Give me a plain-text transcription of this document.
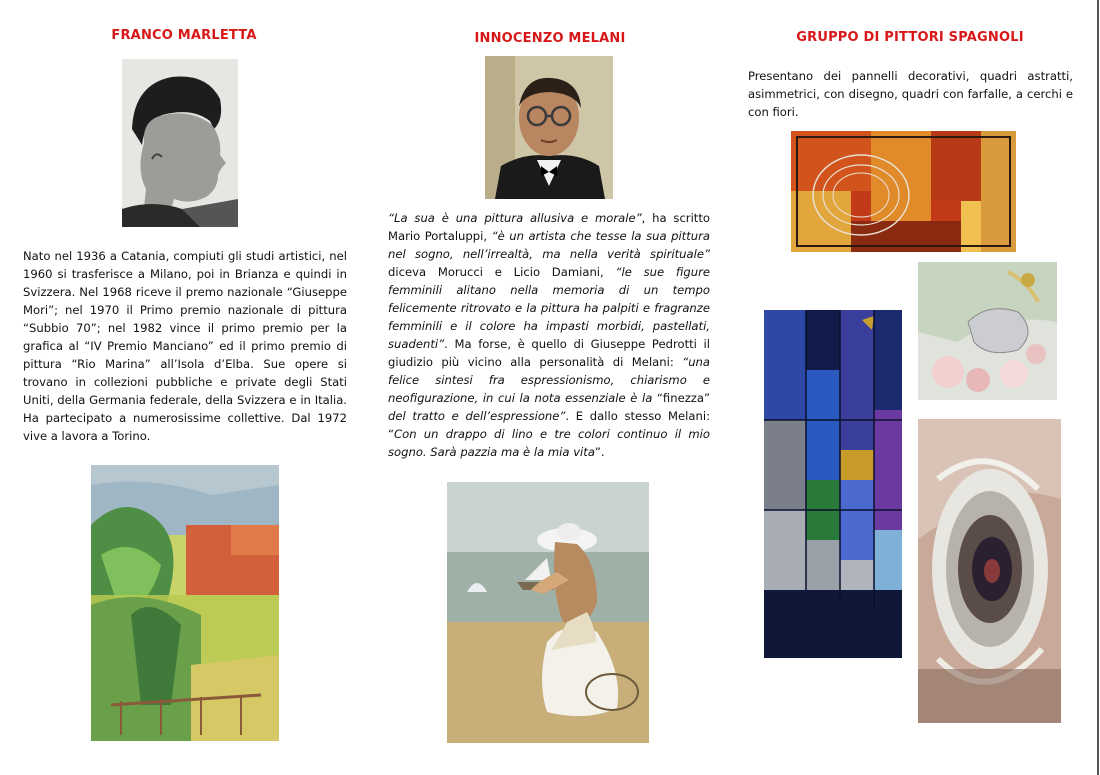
FRANCO MARLETTA

Nato nel 1936 a Catania, compiuti gli studi artistici, nel 1960 si trasferisce a Milano, poi in Brianza e quindi in Svizzera. Nel 1968 riceve il premo nazionale “Giuseppe Mori”; nel 1970 il Primo premio nazionale di pittura “Subbio 70”; nel 1982 vince il primo premio per la grafica al “IV Premio Manciano” ed il primo premio di pittura “Rio Marina” all’Isola d’Elba. Sue opere si trovano in collezioni pubbliche e private degli Stati Uniti, della Germania federale, della Svizzera e in Italia. Ha partecipato a numerosissime collettive. Dal 1972 vive a lavora a Torino.

INNOCENZO MELANI

“La sua è una pittura allusiva e morale”, ha scritto Mario Portaluppi, “è un artista che tesse la sua pittura nel sogno, nell’irrealtà, ma nella verità spirituale” diceva Morucci e Licio Damiani, “le sue figure femminili alitano nella memoria di un tempo felicemente ritrovato e la pittura ha palpiti e fragranze femminili e il colore ha impasti morbidi, pastellati, suadenti”. Ma forse, è quello di Giuseppe Pedrotti il giudizio più vicino alla personalità di Melani: “una felice sintesi fra espressionismo, chiarismo e neofigurazione, in cui la nota essenziale è la “finezza” del tratto e dell’espressione”. E dallo stesso Melani: “Con un drappo di lino e tre colori continuo il mio sogno. Sarà pazzia ma è la mia vita”.

GRUPPO DI PITTORI SPAGNOLI

Presentano dei pannelli decorativi, quadri astratti, asimmetrici, con disegno, quadri con farfalle, a cerchi e con fiori.
